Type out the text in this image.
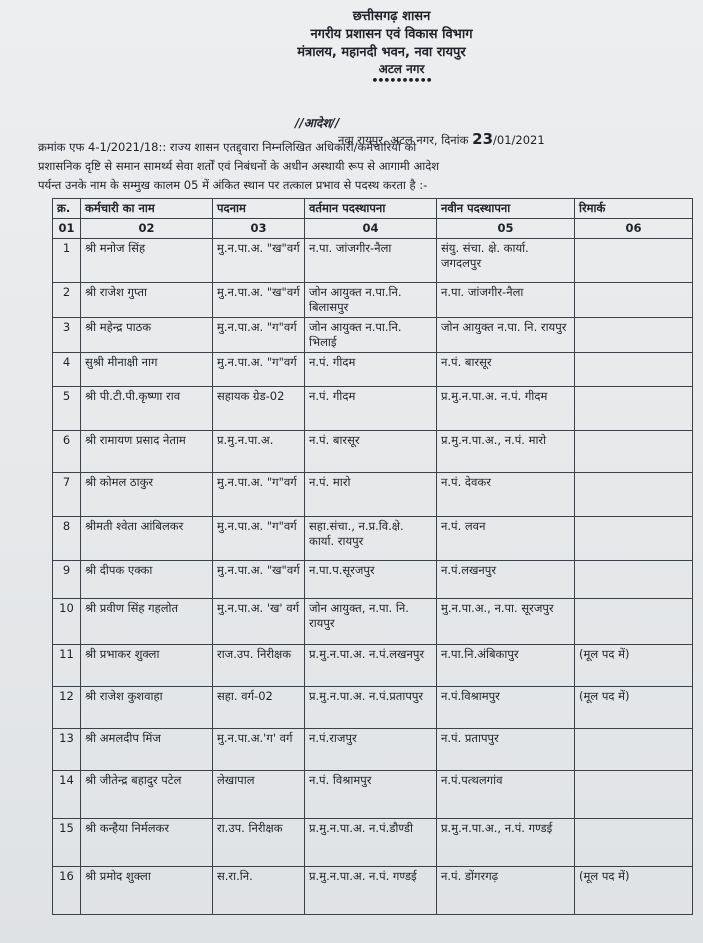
छत्तीसगढ़ शासन
नगरीय प्रशासन एवं विकास विभाग
मंत्रालय, महानदी भवन, नवा रायपुर
अटल नगर
••••••••••
//आदेश//
नवा रायपुर, अटल नगर, दिनांक 23/01/2021
क्रमांक एफ 4-1/2021/18:: राज्य शासन एतद्द्वारा निम्नलिखित अधिकारी/कर्मचारियों को
प्रशासनिक दृष्टि से समान सामर्थ्य सेवा शर्तों एवं निबंधनों के अधीन अस्थायी रूप से आगामी आदेश
पर्यन्त उनके नाम के सम्मुख कालम 05 में अंकित स्थान पर तत्काल प्रभाव से पदस्थ करता है :-
क्र.	कर्मचारी का नाम	पदनाम	वर्तमान पदस्थापना	नवीन पदस्थापना	रिमार्क
01	02	03	04	05	06
1	श्री मनोज सिंह	मु.न.पा.अ. "ख"वर्ग	न.पा. जांजगीर-नैला	संयु. संचा. क्षे. कार्या. जगदलपुर	
2	श्री राजेश गुप्ता	मु.न.पा.अ. "ख"वर्ग	जोन आयुक्त न.पा.नि. बिलासपुर	न.पा. जांजगीर-नैला	
3	श्री महेन्द्र पाठक	मु.न.पा.अ. "ग"वर्ग	जोन आयुक्त न.पा.नि. भिलाई	जोन आयुक्त न.पा. नि. रायपुर	
4	सुश्री मीनाक्षी नाग	मु.न.पा.अ. "ग"वर्ग	न.पं. गीदम	न.पं. बारसूर	
5	श्री पी.टी.पी.कृष्णा राव	सहायक ग्रेड-02	न.पं. गीदम	प्र.मु.न.पा.अ. न.पं. गीदम	
6	श्री रामायण प्रसाद नेताम	प्र.मु.न.पा.अ.	न.पं. बारसूर	प्र.मु.न.पा.अ., न.पं. मारो	
7	श्री कोमल ठाकुर	मु.न.पा.अ. "ग"वर्ग	न.पं. मारो	न.पं. देवकर	
8	श्रीमती श्वेता आंबिलकर	मु.न.पा.अ. "ग"वर्ग	सहा.संचा., न.प्र.वि.क्षे. कार्या. रायपुर	न.पं. लवन	
9	श्री दीपक एक्का	मु.न.पा.अ. "ख"वर्ग	न.पा.प.सूरजपुर	न.पं.लखनपुर	
10	श्री प्रवीण सिंह गहलोत	मु.न.पा.अ. 'ख' वर्ग	जोन आयुक्त, न.पा. नि. रायपुर	मु.न.पा.अ., न.पा. सूरजपुर	
11	श्री प्रभाकर शुक्ला	राज.उप. निरीक्षक	प्र.मु.न.पा.अ. न.पं.लखनपुर	न.पा.नि.अंबिकापुर	(मूल पद में)
12	श्री राजेश कुशवाहा	सहा. वर्ग-02	प्र.मु.न.पा.अ. न.पं.प्रतापपुर	न.पं.विश्रामपुर	(मूल पद में)
13	श्री अमलदीप मिंज	मु.न.पा.अ.'ग' वर्ग	न.पं.राजपुर	न.पं. प्रतापपुर	
14	श्री जीतेन्द्र बहादुर पटेल	लेखापाल	न.पं. विश्रामपुर	न.पं.पत्थलगांव	
15	श्री कन्हैया निर्मलकर	रा.उप. निरीक्षक	प्र.मु.न.पा.अ. न.पं.डौण्डी	प्र.मु.न.पा.अ., न.पं. गण्डई	
16	श्री प्रमोद शुक्ला	स.रा.नि.	प्र.मु.न.पा.अ. न.पं. गण्डई	न.पं. डोंगरगढ़	(मूल पद में)
